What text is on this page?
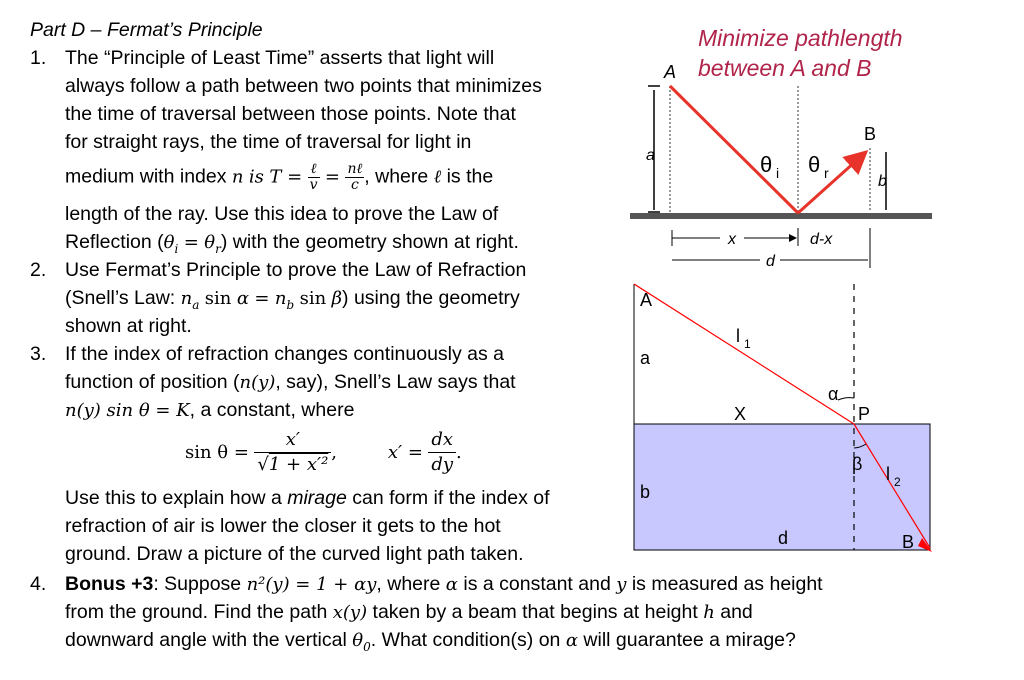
Part D – Fermat’s Principle
1. The “Principle of Least Time” asserts that light will
always follow a path between two points that minimizes
the time of traversal between those points. Note that
for straight rays, the time of traversal for light in
medium with index n is $T = \frac{\text{ℓ}}{v} = \frac{\text{nℓ}}{c}$ , where ℓ is the
length of the ray. Use this idea to prove the Law of
Reflection $(\theta_i = \theta_r)$ with the geometry shown at right.
2. Use Fermat’s Principle to prove the Law of Refraction
(Snell’s Law: $n_a$ $\sin \alpha = n_b$ sin β) using the geometry
shown at right.
3. If the index of refraction changes continuously as a
function of position (n(y), say), Snell’s Law says that
n(y) sin θ = K, a constant, where
$\sin \theta = \frac{x'}{\text{√1 + x′²}}$ ,	$x' = \frac{dx}{dy}$ .
Use this to explain how a mirage can form if the index of
refraction of air is lower the closer it gets to the hot
ground. Draw a picture of the curved light path taken.
4. Bonus +3: Suppose n²(y) = 1 + αy, where α is a constant and y is measured as height
from the ground. Find the path x(y) taken by a beam that begins at height h and
downward angle with the vertical $\theta_0$. What condition(s) on α will guarantee a mirage?
Minimize pathlength
between A and B
A
B
a
b
θ i θ r
x	d-x
d
A
a
l 1
α
X	P
β l 2
b
d	B
